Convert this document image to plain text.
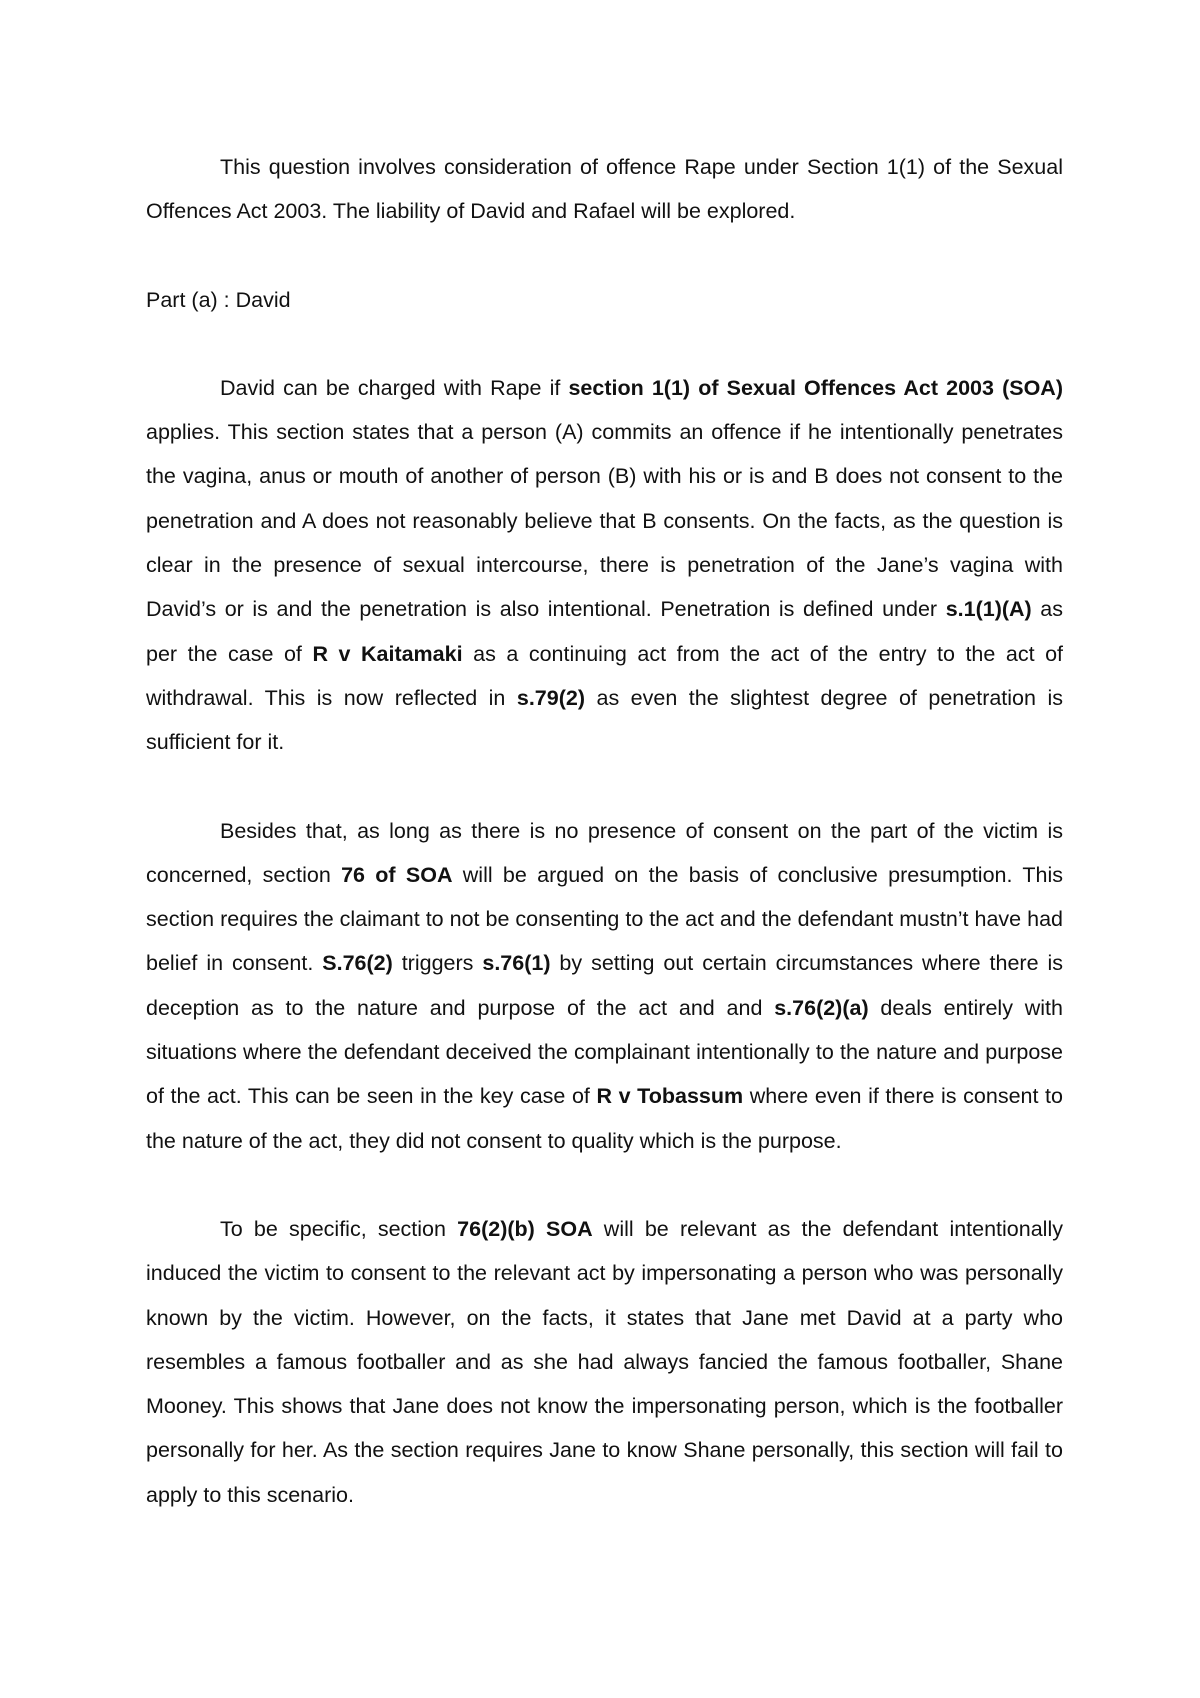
This question involves consideration of offence Rape under Section 1(1) of the Sexual Offences Act 2003. The liability of David and Rafael will be explored.

Part (a) : David

David can be charged with Rape if section 1(1) of Sexual Offences Act 2003 (SOA) applies. This section states that a person (A) commits an offence if he intentionally penetrates the vagina, anus or mouth of another of person (B) with his or is and B does not consent to the penetration and A does not reasonably believe that B consents. On the facts, as the question is clear in the presence of sexual intercourse, there is penetration of the Jane’s vagina with David’s or is and the penetration is also intentional. Penetration is defined under s.1(1)(A) as per the case of R v Kaitamaki as a continuing act from the act of the entry to the act of withdrawal. This is now reflected in s.79(2) as even the slightest degree of penetration is sufficient for it.

Besides that, as long as there is no presence of consent on the part of the victim is concerned, section 76 of SOA will be argued on the basis of conclusive presumption. This section requires the claimant to not be consenting to the act and the defendant mustn’t have had belief in consent. S.76(2) triggers s.76(1) by setting out certain circumstances where there is deception as to the nature and purpose of the act and and s.76(2)(a) deals entirely with situations where the defendant deceived the complainant intentionally to the nature and purpose of the act. This can be seen in the key case of R v Tobassum where even if there is consent to the nature of the act, they did not consent to quality which is the purpose.

To be specific, section 76(2)(b) SOA will be relevant as the defendant intentionally induced the victim to consent to the relevant act by impersonating a person who was personally known by the victim. However, on the facts, it states that Jane met David at a party who resembles a famous footballer and as she had always fancied the famous footballer, Shane Mooney. This shows that Jane does not know the impersonating person, which is the footballer personally for her. As the section requires Jane to know Shane personally, this section will fail to apply to this scenario.
